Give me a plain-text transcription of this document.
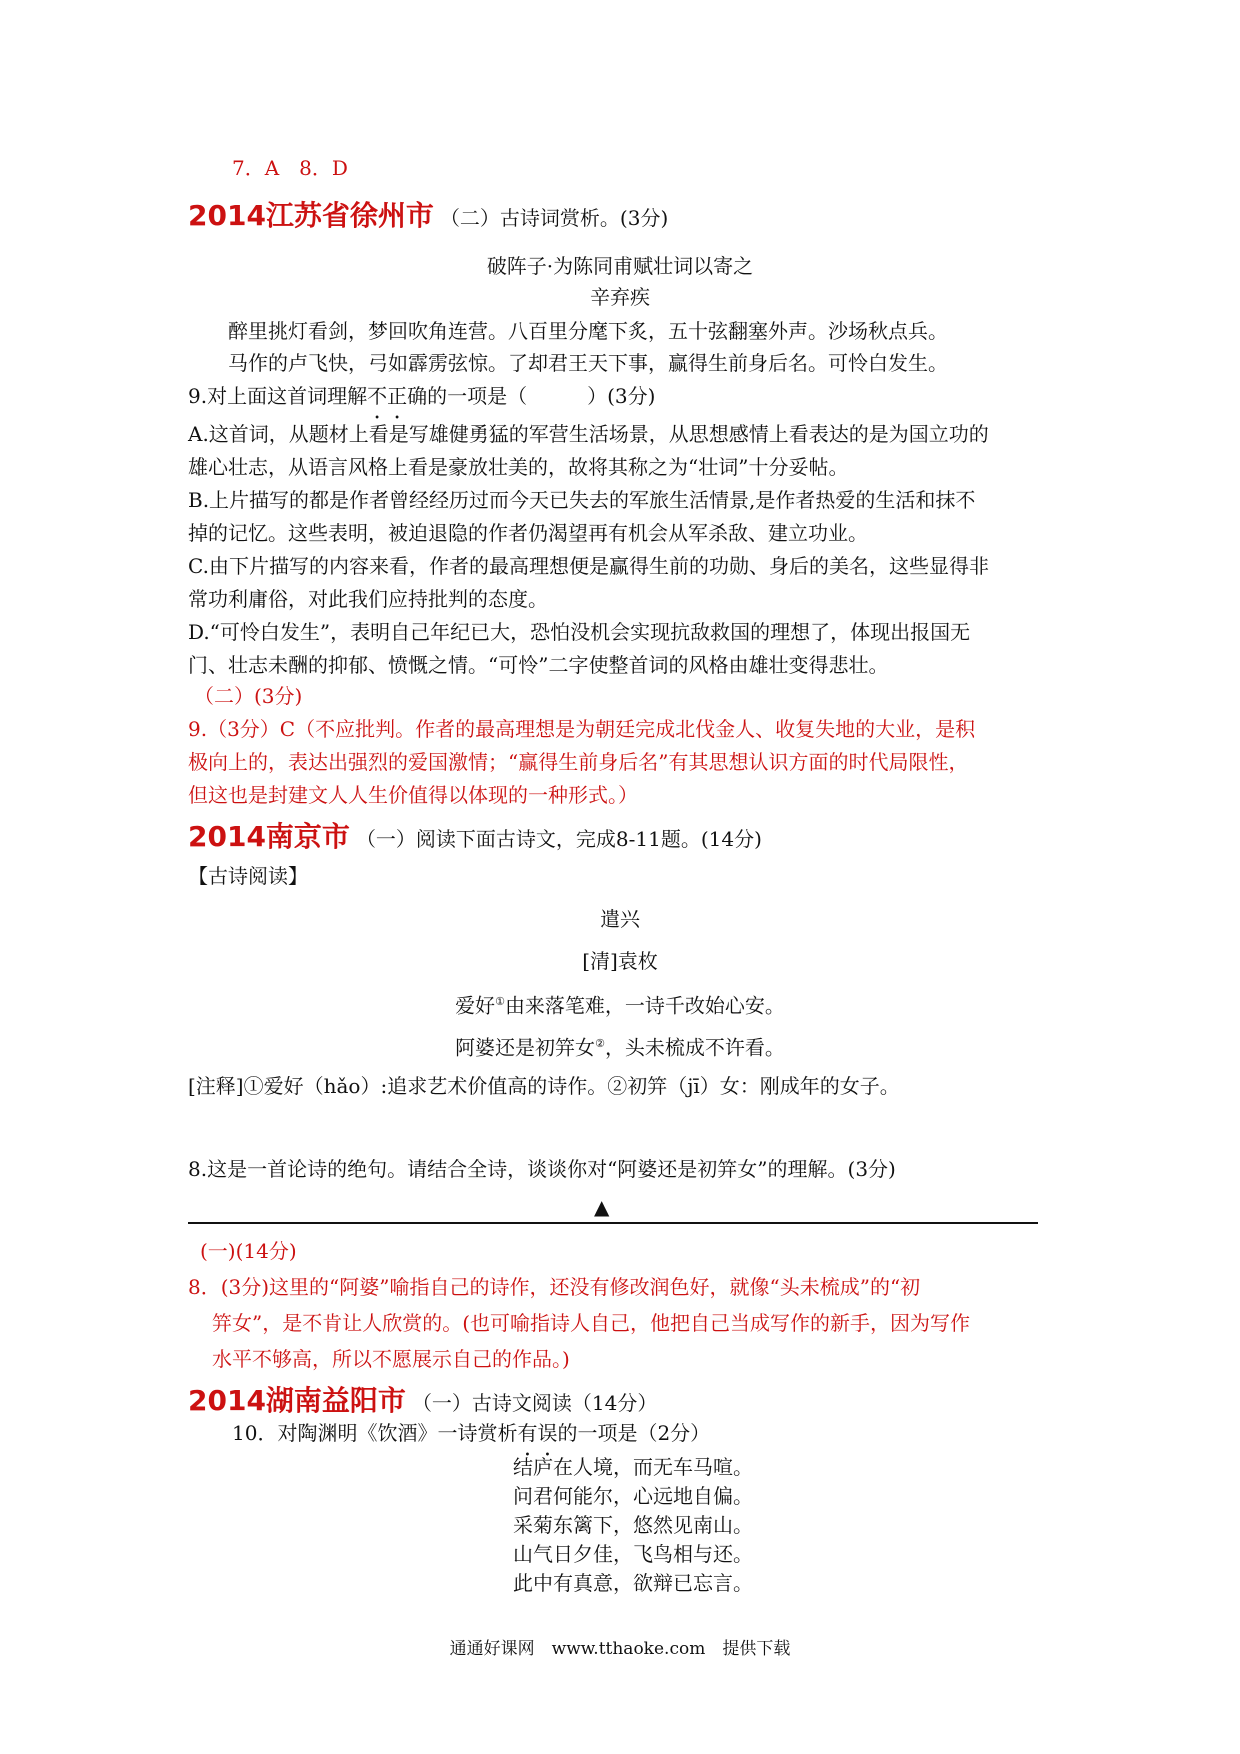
7．A　8．D
2014江苏省徐州市 （二）古诗词赏析。(3分)
破阵子·为陈同甫赋壮词以寄之
辛弃疾
醉里挑灯看剑，梦回吹角连营。八百里分麾下炙，五十弦翻塞外声。沙场秋点兵。
马作的卢飞快，弓如霹雳弦惊。了却君王天下事，赢得生前身后名。可怜白发生。
9.对上面这首词理解不正确的一项是（　　　）(3分)
A.这首词，从题材上看是写雄健勇猛的军营生活场景，从思想感情上看表达的是为国立功的
雄心壮志，从语言风格上看是豪放壮美的，故将其称之为“壮词”十分妥帖。
B.上片描写的都是作者曾经经历过而今天已失去的军旅生活情景,是作者热爱的生活和抹不
掉的记忆。这些表明，被迫退隐的作者仍渴望再有机会从军杀敌、建立功业。
C.由下片描写的内容来看，作者的最高理想便是赢得生前的功勋、身后的美名，这些显得非
常功利庸俗，对此我们应持批判的态度。
D.“可怜白发生”，表明自己年纪已大，恐怕没机会实现抗敌救国的理想了，体现出报国无
门、壮志未酬的抑郁、愤慨之情。“可怜”二字使整首词的风格由雄壮变得悲壮。
（二）(3分)
9.（3分）C（不应批判。作者的最高理想是为朝廷完成北伐金人、收复失地的大业，是积
极向上的，表达出强烈的爱国激情；“赢得生前身后名”有其思想认识方面的时代局限性，
但这也是封建文人人生价值得以体现的一种形式。）
2014南京市 （一）阅读下面古诗文，完成8-11题。(14分)
【古诗阅读】
遣兴
[清]袁枚
爱好①由来落笔难，一诗千改始心安。
阿婆还是初笄女②，头未梳成不许看。
[注释]①爱好（hǎo）:追求艺术价值高的诗作。②初笄（jī）女：刚成年的女子。
8.这是一首论诗的绝句。请结合全诗，谈谈你对“阿婆还是初笄女”的理解。(3分)
▲
(一)(14分)
8．(3分)这里的“阿婆”喻指自己的诗作，还没有修改润色好，就像“头未梳成”的“初
笄女”，是不肯让人欣赏的。(也可喻指诗人自己，他把自己当成写作的新手，因为写作
水平不够高，所以不愿展示自己的作品。)
2014湖南益阳市 （一）古诗文阅读（14分）
10．对陶渊明《饮酒》一诗赏析有误的一项是（2分）
结庐在人境，而无车马喧。
问君何能尔，心远地自偏。
采菊东篱下，悠然见南山。
山气日夕佳，飞鸟相与还。
此中有真意，欲辩已忘言。
通通好课网　www.tthaoke.com　提供下载
